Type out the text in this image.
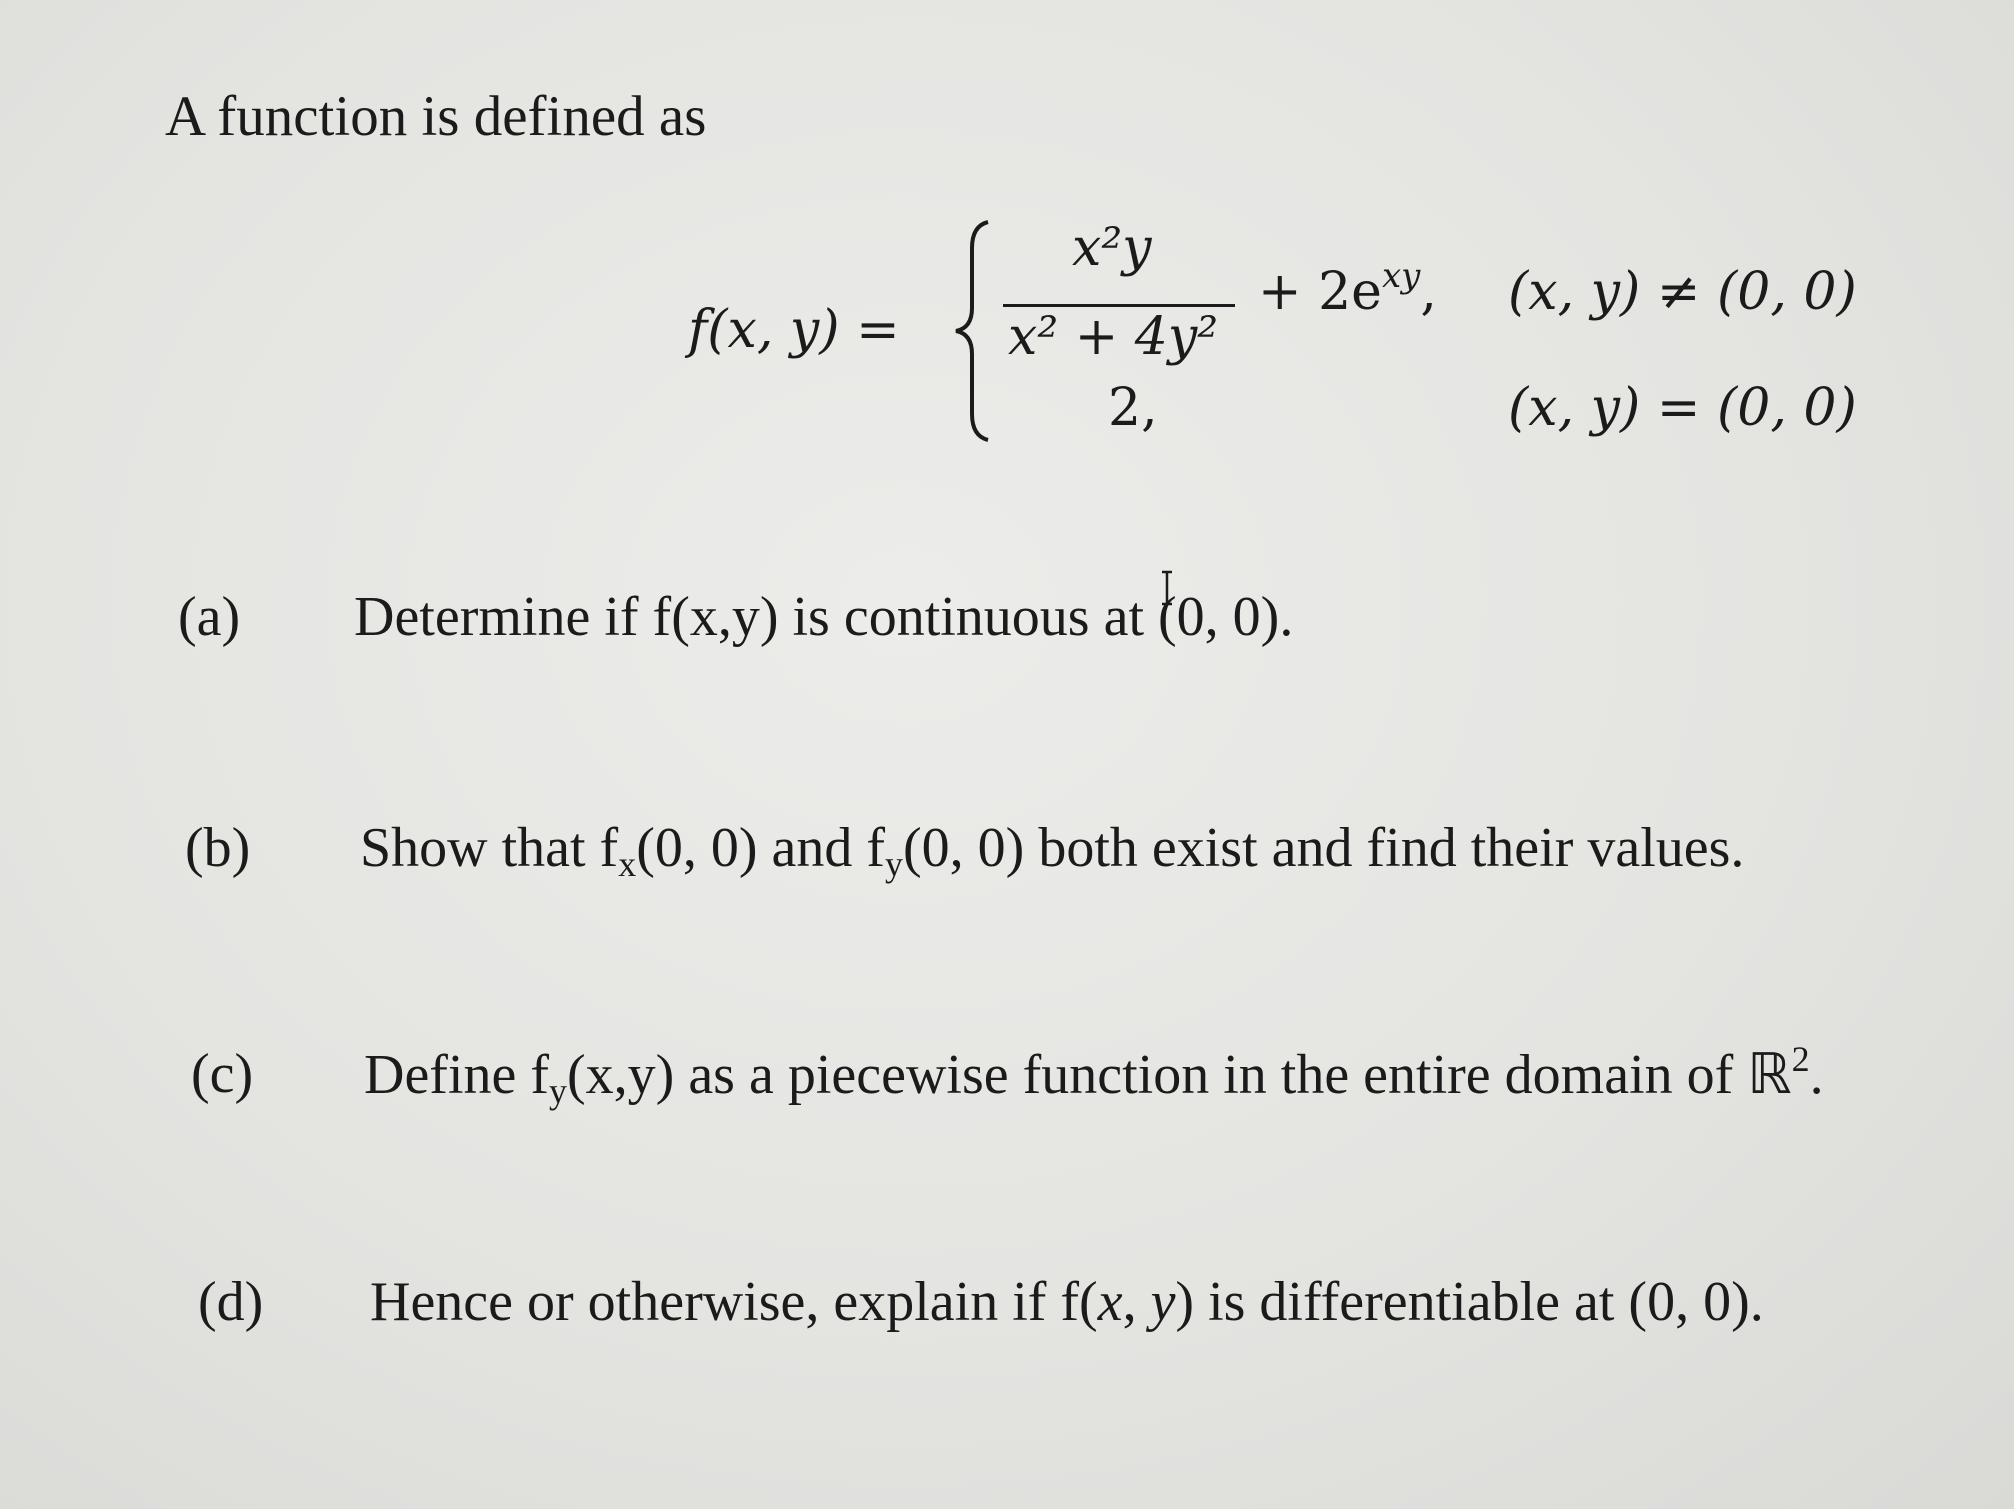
A function is defined as
f(x, y) =
x²y
x² + 4y²
+ $2e^{xy}$, (x, y) ≠ (0, 0)
2,	(x, y) = (0, 0)
(a) Determine if f(x,y) is continuous at (0, 0).
(b) Show that $f_x(0$, 0) and $f_y(0$, 0) both exist and find their values.
(c) Define $f_y(x,y)$ as a piecewise function in the entire domain of ℝ$^2$.
(d) Hence or otherwise, explain if f(x, y) is differentiable at (0, 0).
